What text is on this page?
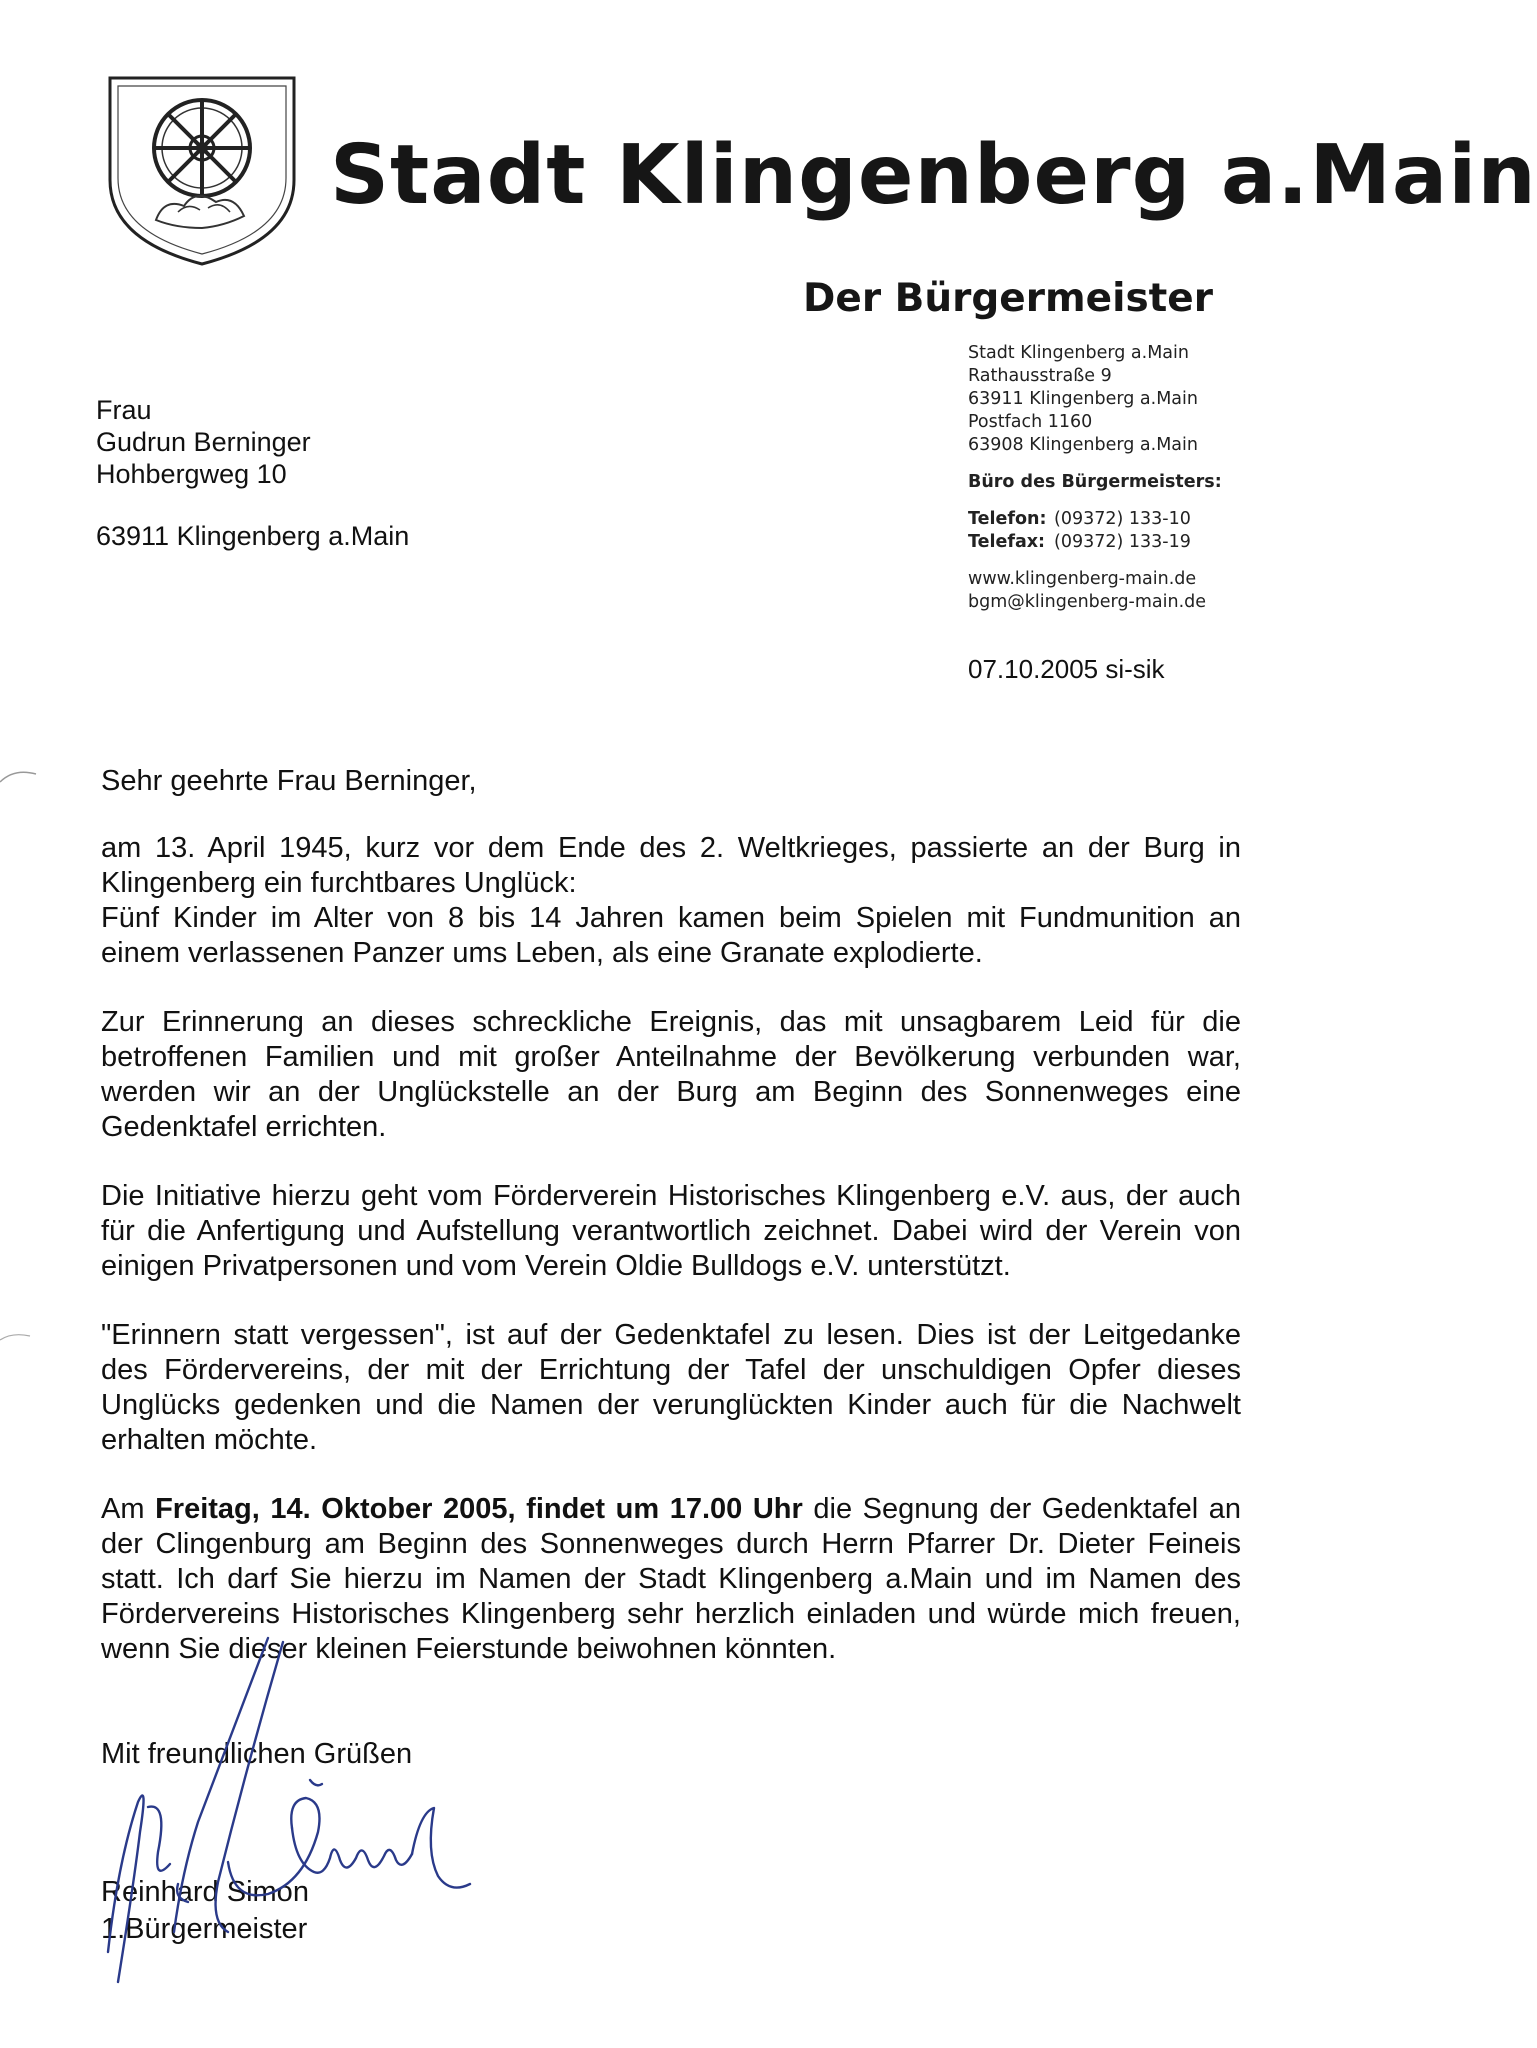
Stadt Klingenberg a.Main
Der Bürgermeister
Stadt Klingenberg a.Main
Rathausstraße 9
63911 Klingenberg a.Main
Postfach 1160
63908 Klingenberg a.Main
Büro des Bürgermeisters:
Telefon: (09372) 133-10
Telefax: (09372) 133-19
www.klingenberg-main.de
bgm@klingenberg-main.de
Frau
Gudrun Berninger
Hohbergweg 10
63911 Klingenberg a.Main
07.10.2005 si-sik

Sehr geehrte Frau Berninger,

am 13. April 1945, kurz vor dem Ende des 2. Weltkrieges, passierte an der Burg in Klingenberg ein furchtbares Unglück:

Fünf Kinder im Alter von 8 bis 14 Jahren kamen beim Spielen mit Fundmunition an einem verlassenen Panzer ums Leben, als eine Granate explodierte.

Zur Erinnerung an dieses schreckliche Ereignis, das mit unsagbarem Leid für die betroffenen Familien und mit großer Anteilnahme der Bevölkerung verbunden war, werden wir an der Unglückstelle an der Burg am Beginn des Sonnenweges eine Gedenktafel errichten.

Die Initiative hierzu geht vom Förderverein Historisches Klingenberg e.V. aus, der auch für die Anfertigung und Aufstellung verantwortlich zeichnet. Dabei wird der Verein von einigen Privatpersonen und vom Verein Oldie Bulldogs e.V. unterstützt.

"Erinnern statt vergessen", ist auf der Gedenktafel zu lesen. Dies ist der Leitgedanke des Fördervereins, der mit der Errichtung der Tafel der unschuldigen Opfer dieses Unglücks gedenken und die Namen der verunglückten Kinder auch für die Nachwelt erhalten möchte.

Am Freitag, 14. Oktober 2005, findet um 17.00 Uhr die Segnung der Gedenktafel an der Clingenburg am Beginn des Sonnenweges durch Herrn Pfarrer Dr. Dieter Feineis statt. Ich darf Sie hierzu im Namen der Stadt Klingenberg a.Main und im Namen des Fördervereins Historisches Klingenberg sehr herzlich einladen und würde mich freuen, wenn Sie dieser kleinen Feierstunde beiwohnen könnten.

Mit freundlichen Grüßen
Reinhard Simon
1.Bürgermeister
